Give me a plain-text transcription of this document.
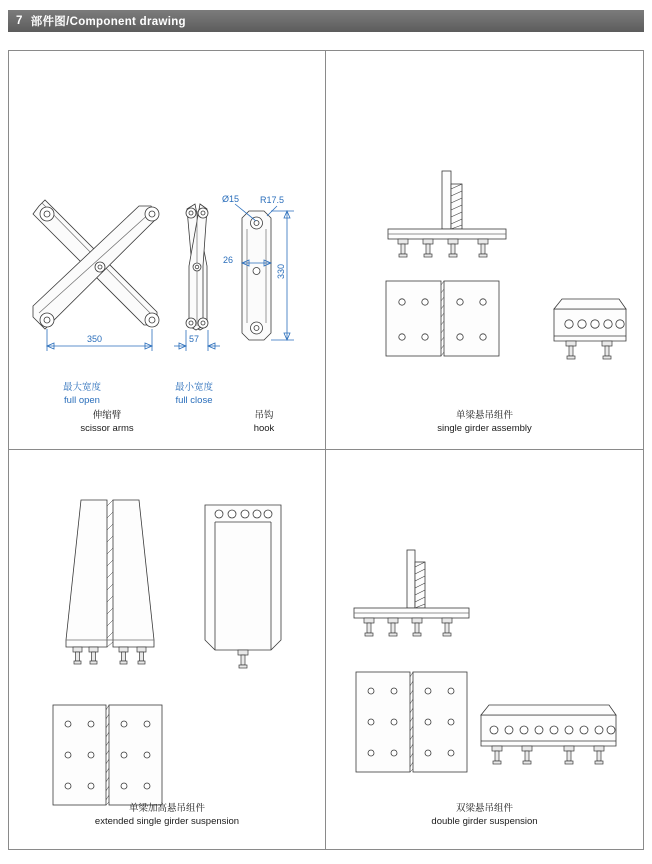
7 部件图/Component drawing
350	57
Ø15 R17.5
26
330
最大宽度
full open
最小宽度
full close
伸缩臂
scissor arms
吊钩
hook
单梁悬吊组件
single girder assembly
单梁加高悬吊组件
extended single girder suspension
双梁悬吊组件
double girder suspension
